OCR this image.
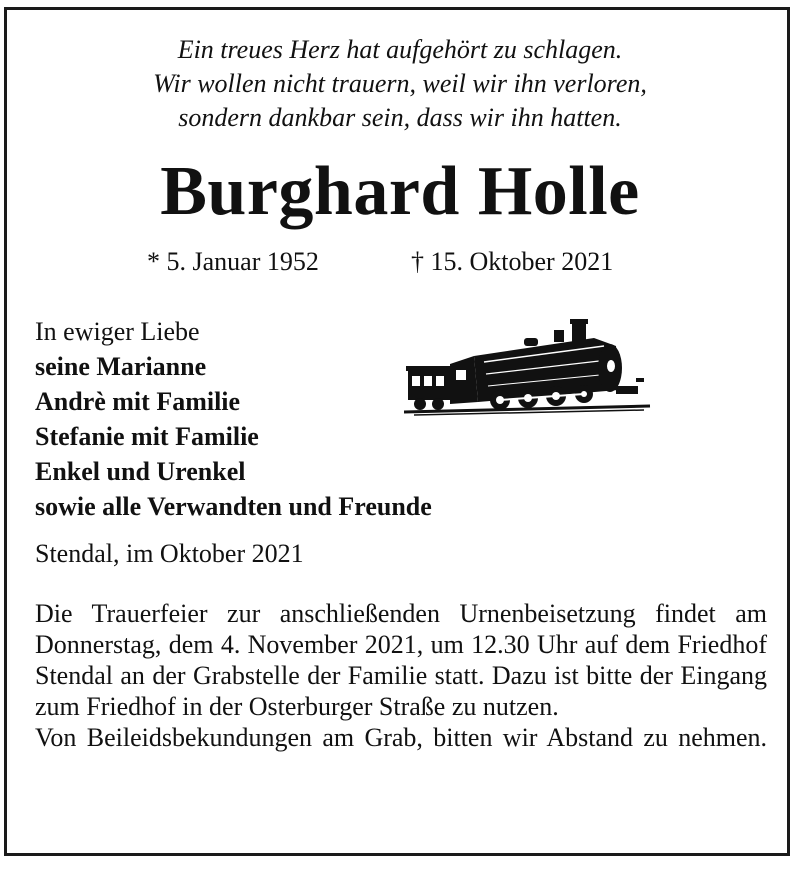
Ein treues Herz hat aufgehört zu schlagen.
Wir wollen nicht trauern, weil wir ihn verloren,
sondern dankbar sein, dass wir ihn hatten.
Burghard Holle
* 5. Januar 1952	† 15. Oktober 2021
In ewiger Liebe
seine Marianne
Andrè mit Familie
Stefanie mit Familie
Enkel und Urenkel
sowie alle Verwandten und Freunde
Stendal, im Oktober 2021

Die Trauerfeier zur anschließenden Urnenbeisetzung findet am Donnerstag, dem 4. November 2021, um 12.30 Uhr auf dem Friedhof Stendal an der Grabstelle der Familie statt. Dazu ist bitte der Eingang zum Friedhof in der Osterburger Straße zu nutzen.

Von Beileidsbekundungen am Grab, bitten wir Abstand zu nehmen.
